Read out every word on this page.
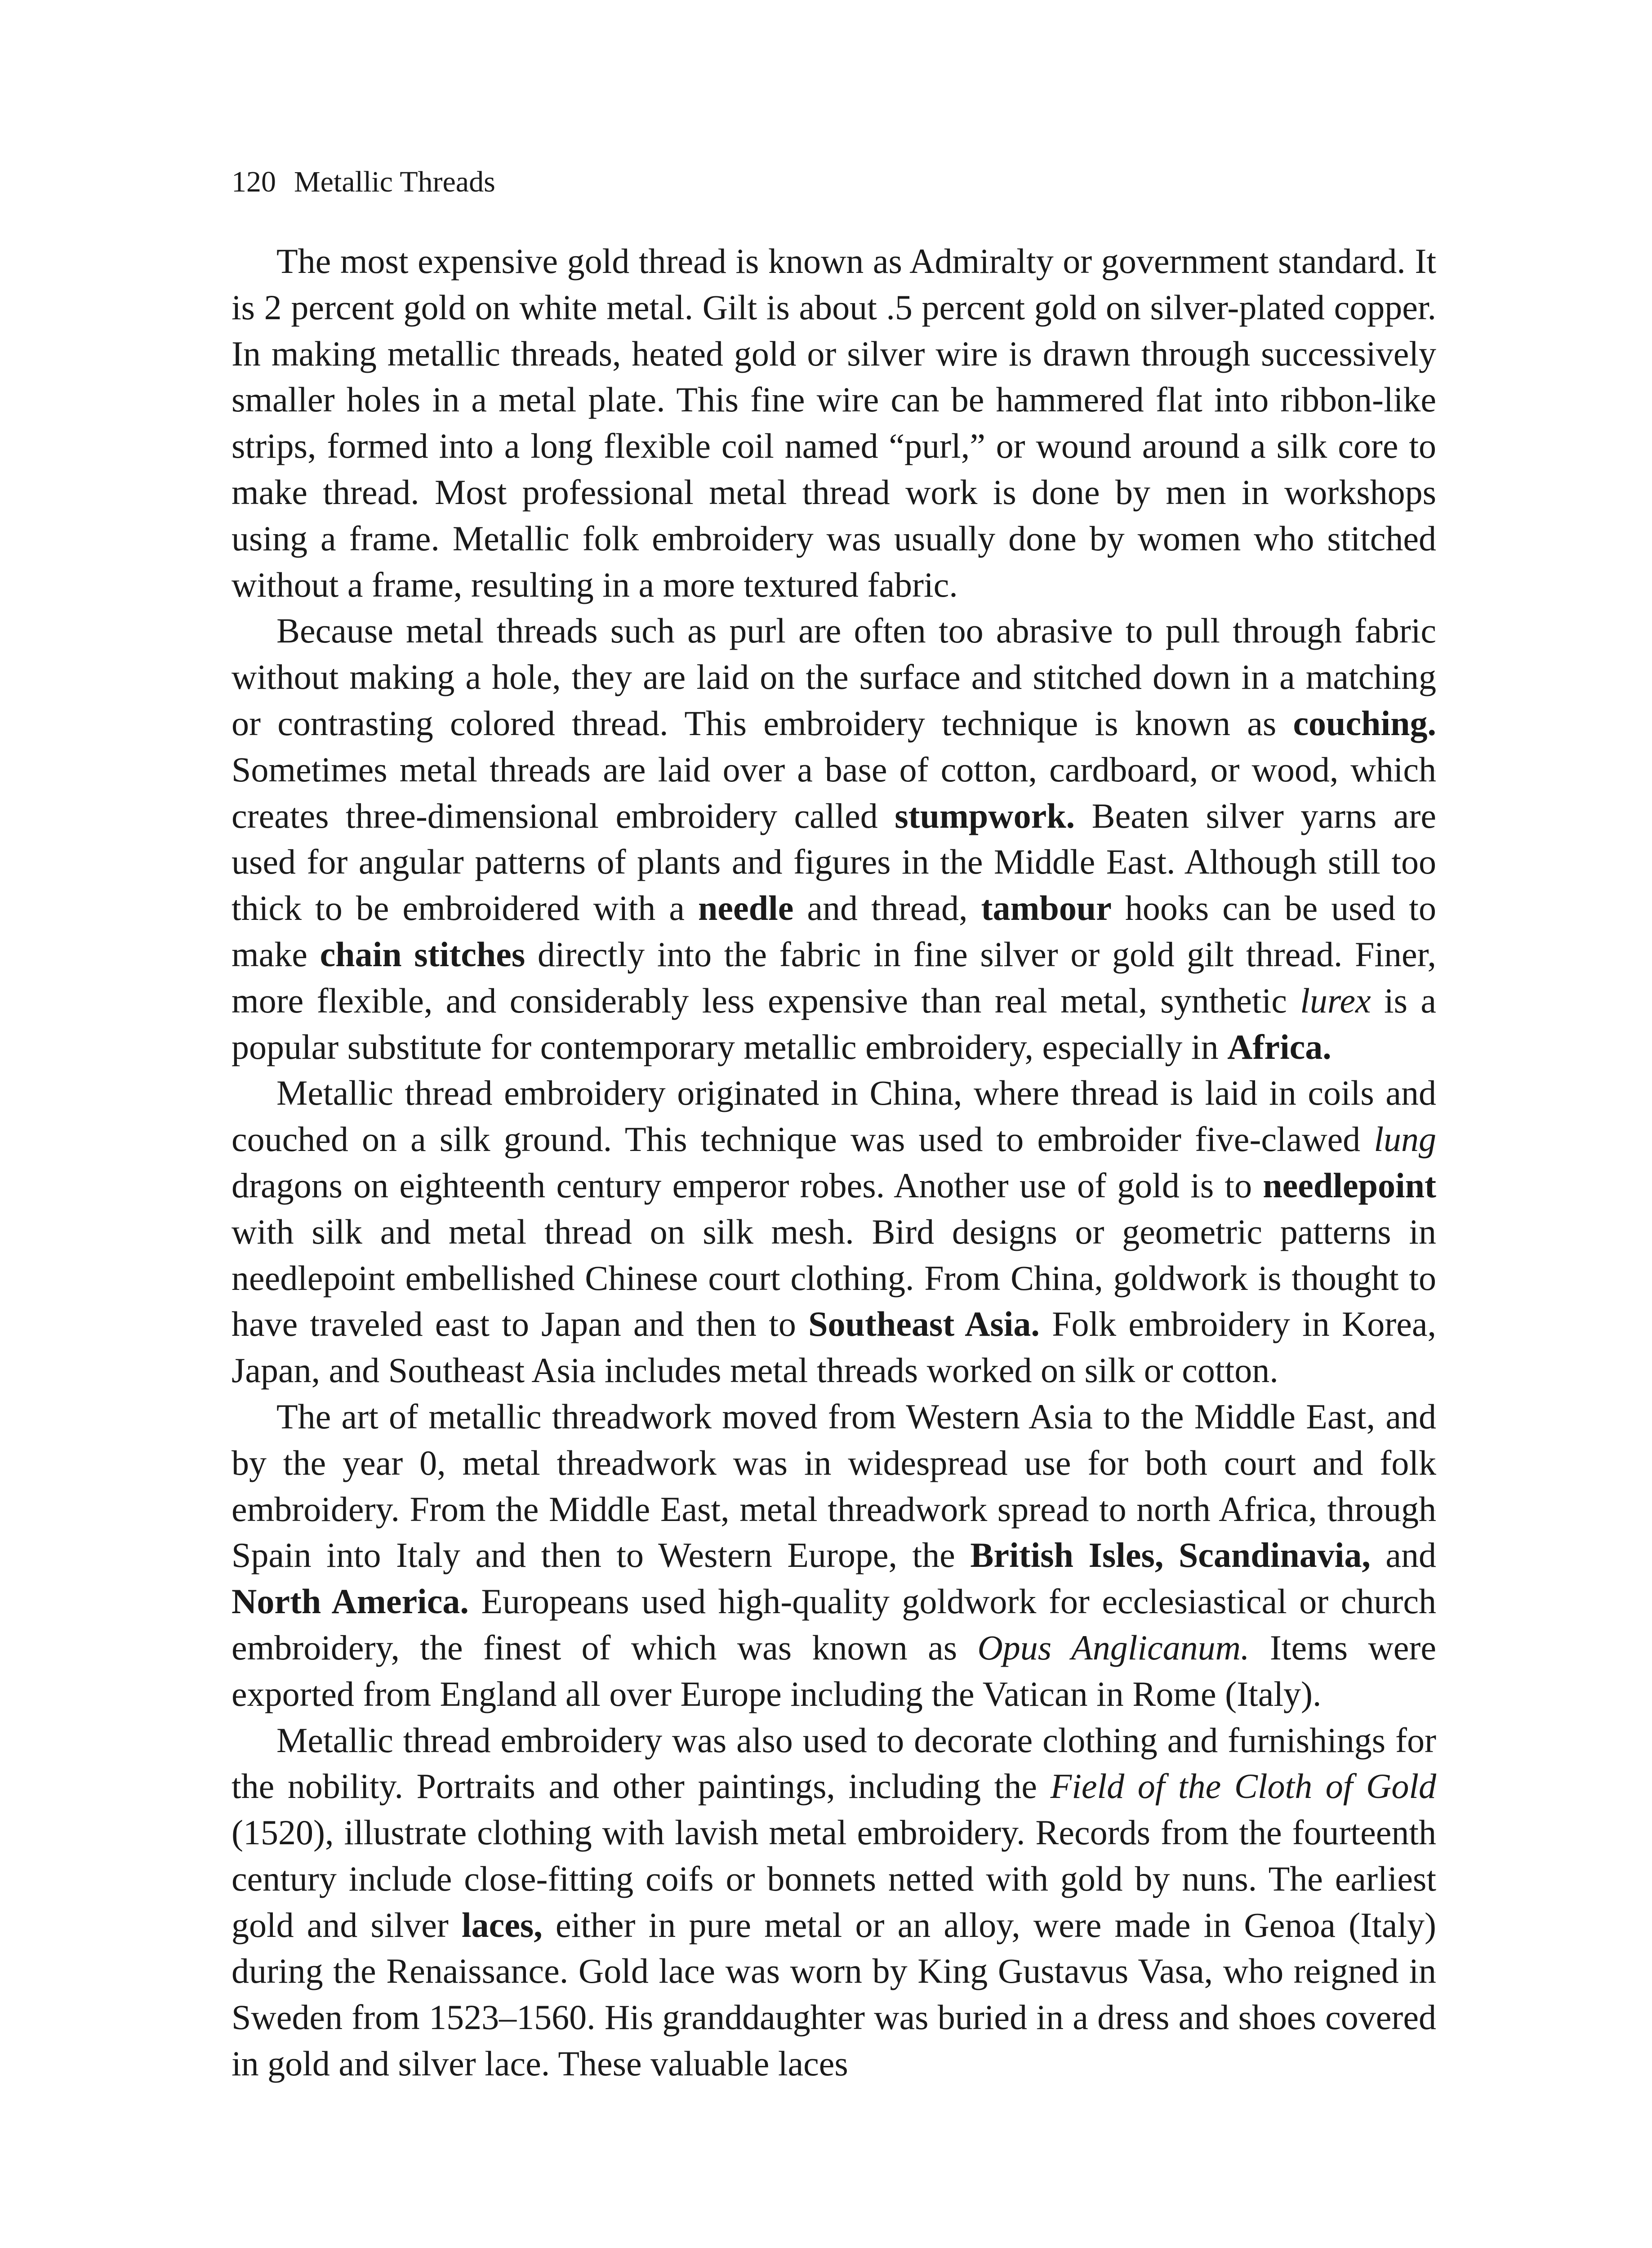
120 Metallic Threads

The most expensive gold thread is known as Admiralty or government standard. It is 2 percent gold on white metal. Gilt is about .5 percent gold on silver-plated copper. In making metallic threads, heated gold or silver wire is drawn through successively smaller holes in a metal plate. This fine wire can be hammered flat into ribbon-like strips, formed into a long flexible coil named “purl,” or wound around a silk core to make thread. Most professional metal thread work is done by men in workshops using a frame. Metallic folk embroidery was usually done by women who stitched without a frame, resulting in a more textured fabric.

Because metal threads such as purl are often too abrasive to pull through fabric without making a hole, they are laid on the surface and stitched down in a matching or contrasting colored thread. This embroidery technique is known as couching. Sometimes metal threads are laid over a base of cotton, cardboard, or wood, which creates three-dimensional embroidery called stumpwork. Beaten silver yarns are used for angular patterns of plants and figures in the Middle East. Although still too thick to be embroidered with a needle and thread, tambour hooks can be used to make chain stitches directly into the fabric in fine silver or gold gilt thread. Finer, more flexible, and considerably less expensive than real metal, synthetic lurex is a popular substitute for contemporary metallic embroidery, especially in Africa.

Metallic thread embroidery originated in China, where thread is laid in coils and couched on a silk ground. This technique was used to embroider five-clawed lung dragons on eighteenth century emperor robes. Another use of gold is to needlepoint with silk and metal thread on silk mesh. Bird designs or geometric patterns in needlepoint embellished Chinese court clothing. From China, goldwork is thought to have traveled east to Japan and then to Southeast Asia. Folk embroidery in Korea, Japan, and Southeast Asia includes metal threads worked on silk or cotton.

The art of metallic threadwork moved from Western Asia to the Middle East, and by the year 0, metal threadwork was in widespread use for both court and folk embroidery. From the Middle East, metal threadwork spread to north Africa, through Spain into Italy and then to Western Europe, the British Isles, Scandinavia, and North America. Europeans used high-quality goldwork for ecclesiastical or church embroidery, the finest of which was known as Opus Anglicanum. Items were exported from England all over Europe including the Vatican in Rome (Italy).

Metallic thread embroidery was also used to decorate clothing and furnishings for the nobility. Portraits and other paintings, including the Field of the Cloth of Gold (1520), illustrate clothing with lavish metal embroidery. Records from the fourteenth century include close-fitting coifs or bonnets netted with gold by nuns. The earliest gold and silver laces, either in pure metal or an alloy, were made in Genoa (Italy) during the Renaissance. Gold lace was worn by King Gustavus Vasa, who reigned in Sweden from 1523–1560. His granddaughter was buried in a dress and shoes covered in gold and silver lace. These valuable laces
